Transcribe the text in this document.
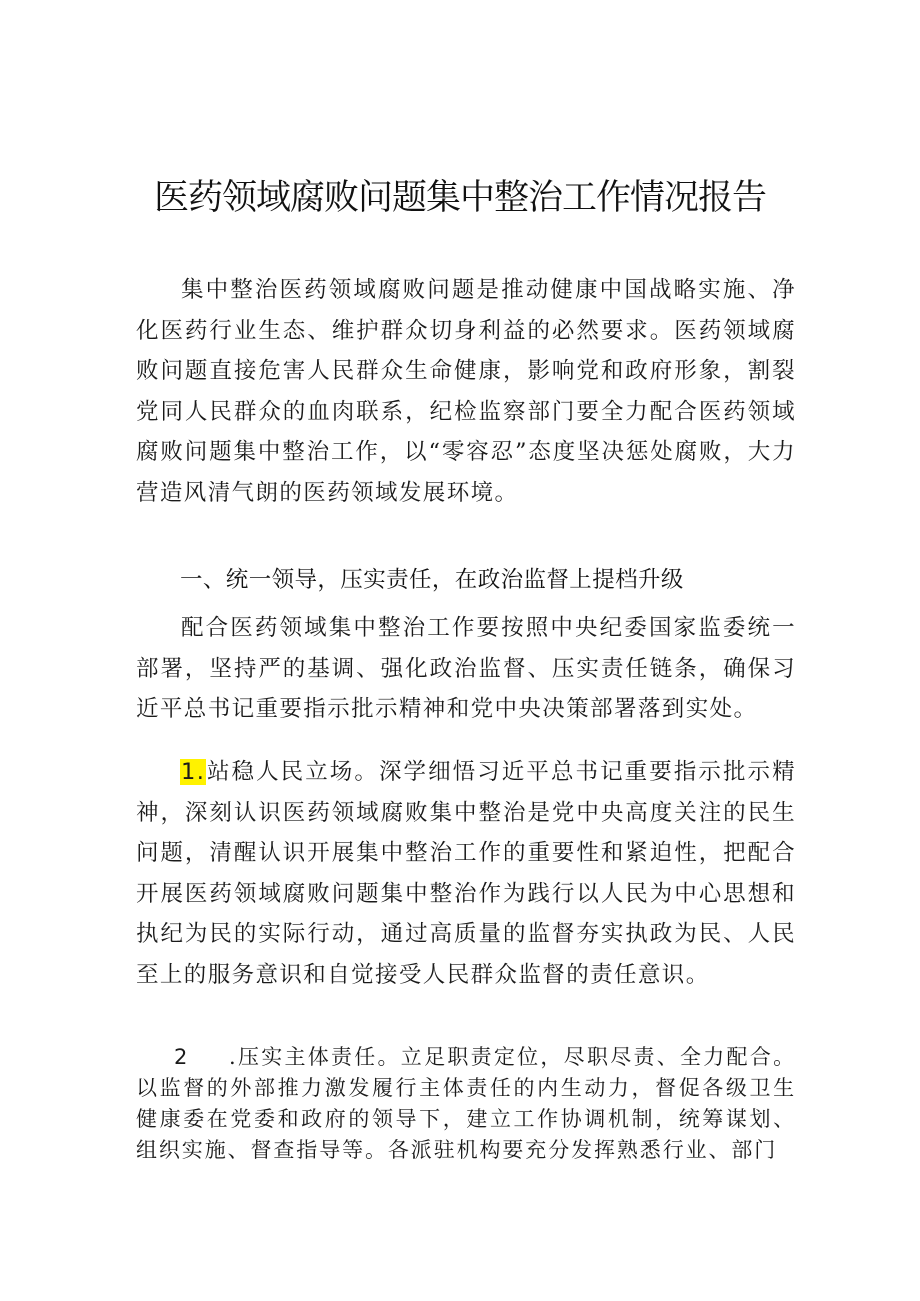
医药领域腐败问题集中整治工作情况报告

集中整治医药领域腐败问题是推动健康中国战略实施、净化医药行业生态、维护群众切身利益的必然要求。医药领域腐败问题直接危害人民群众生命健康，影响党和政府形象，割裂党同人民群众的血肉联系，纪检监察部门要全力配合医药领域腐败问题集中整治工作，以“零容忍”态度坚决惩处腐败，大力营造风清气朗的医药领域发展环境。

一、统一领导，压实责任，在政治监督上提档升级

配合医药领域集中整治工作要按照中央纪委国家监委统一部署，坚持严的基调、强化政治监督、压实责任链条，确保习近平总书记重要指示批示精神和党中央决策部署落到实处。

1.站稳人民立场。深学细悟习近平总书记重要指示批示精神，深刻认识医药领域腐败集中整治是党中央高度关注的民生问题，清醒认识开展集中整治工作的重要性和紧迫性，把配合开展医药领域腐败问题集中整治作为践行以人民为中心思想和执纪为民的实际行动，通过高质量的监督夯实执政为民、人民至上的服务意识和自觉接受人民群众监督的责任意识。

2 .压实主体责任。立足职责定位，尽职尽责、全力配合。以监督的外部推力激发履行主体责任的内生动力，督促各级卫生健康委在党委和政府的领导下，建立工作协调机制，统筹谋划、组织实施、督查指导等。各派驻机构要充分发挥熟悉行业、部门
